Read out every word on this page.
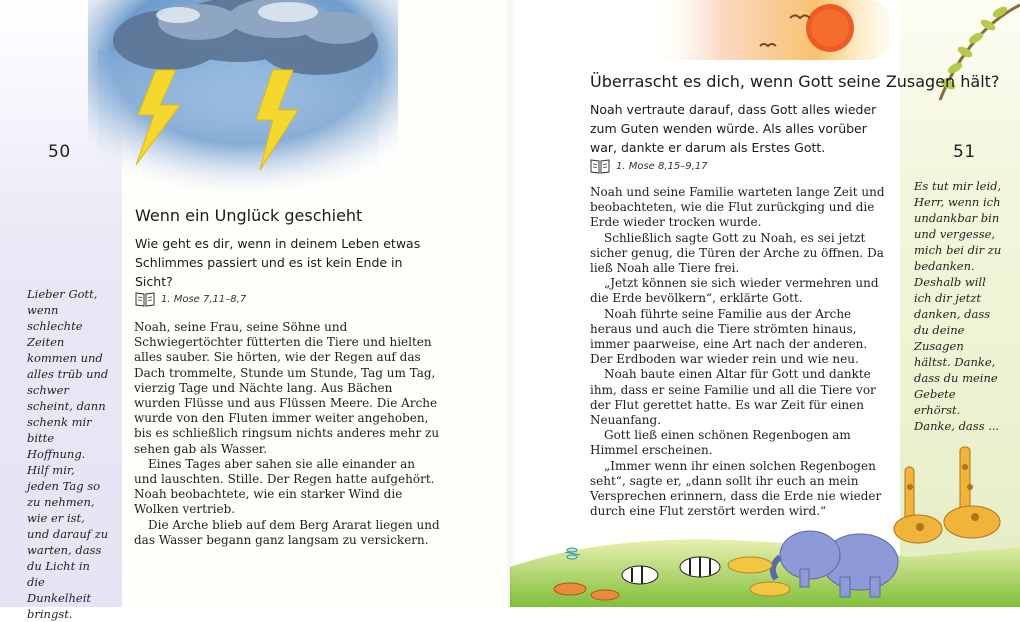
50
Wenn ein Unglück geschieht

Wie geht es dir, wenn in deinem Leben etwas Schlimmes passiert und es ist kein Ende in Sicht?

1. Mose 7,11–8,7

Noah, seine Frau, seine Söhne und Schwiegertöchter fütterten die Tiere und hielten alles sauber. Sie hörten, wie der Regen auf das Dach trommelte, Stunde um Stunde, Tag um Tag, vierzig Tage und Nächte lang. Aus Bächen wurden Flüsse und aus Flüssen Meere. Die Arche wurde von den Fluten immer weiter angehoben, bis es schließlich ringsum nichts anderes mehr zu sehen gab als Wasser.

Eines Tages aber sahen sie alle einander an und lauschten. Stille. Der Regen hatte aufgehört. Noah beobachtete, wie ein starker Wind die Wolken vertrieb.

Die Arche blieb auf dem Berg Ararat liegen und das Wasser begann ganz langsam zu versickern.

Lieber Gott, wenn schlechte Zeiten kommen und alles trüb und schwer scheint, dann schenk mir bitte Hoffnung. Hilf mir, jeden Tag so zu nehmen, wie er ist, und darauf zu warten, dass du Licht in die Dunkelheit bringst.

Überrascht es dich, wenn Gott seine Zusagen hält?

Noah vertraute darauf, dass Gott alles wieder zum Guten wenden würde. Als alles vorüber war, dankte er darum als Erstes Gott.	51
1. Mose 8,15–9,17

Noah und seine Familie warteten lange Zeit und beobachteten, wie die Flut zurückging und die Erde wieder trocken wurde.

Schließlich sagte Gott zu Noah, es sei jetzt sicher genug, die Türen der Arche zu öffnen. Da ließ Noah alle Tiere frei.

„Jetzt können sie sich wieder vermehren und die Erde bevölkern“, erklärte Gott.

Noah führte seine Familie aus der Arche heraus und auch die Tiere strömten hinaus, immer paarweise, eine Art nach der anderen. Der Erdboden war wieder rein und wie neu.

Noah baute einen Altar für Gott und dankte ihm, dass er seine Familie und all die Tiere vor der Flut gerettet hatte. Es war Zeit für einen Neuanfang.

Gott ließ einen schönen Regenbogen am Himmel erscheinen.

„Immer wenn ihr einen solchen Regenbogen seht“, sagte er, „dann sollt ihr euch an mein Versprechen erinnern, dass die Erde nie wieder durch eine Flut zerstört werden wird.“

Es tut mir leid, Herr, wenn ich undankbar bin und vergesse, mich bei dir zu bedanken. Deshalb will ich dir jetzt danken, dass du deine Zusagen hältst. Danke, dass du meine Gebete erhörst. Danke, dass ...
